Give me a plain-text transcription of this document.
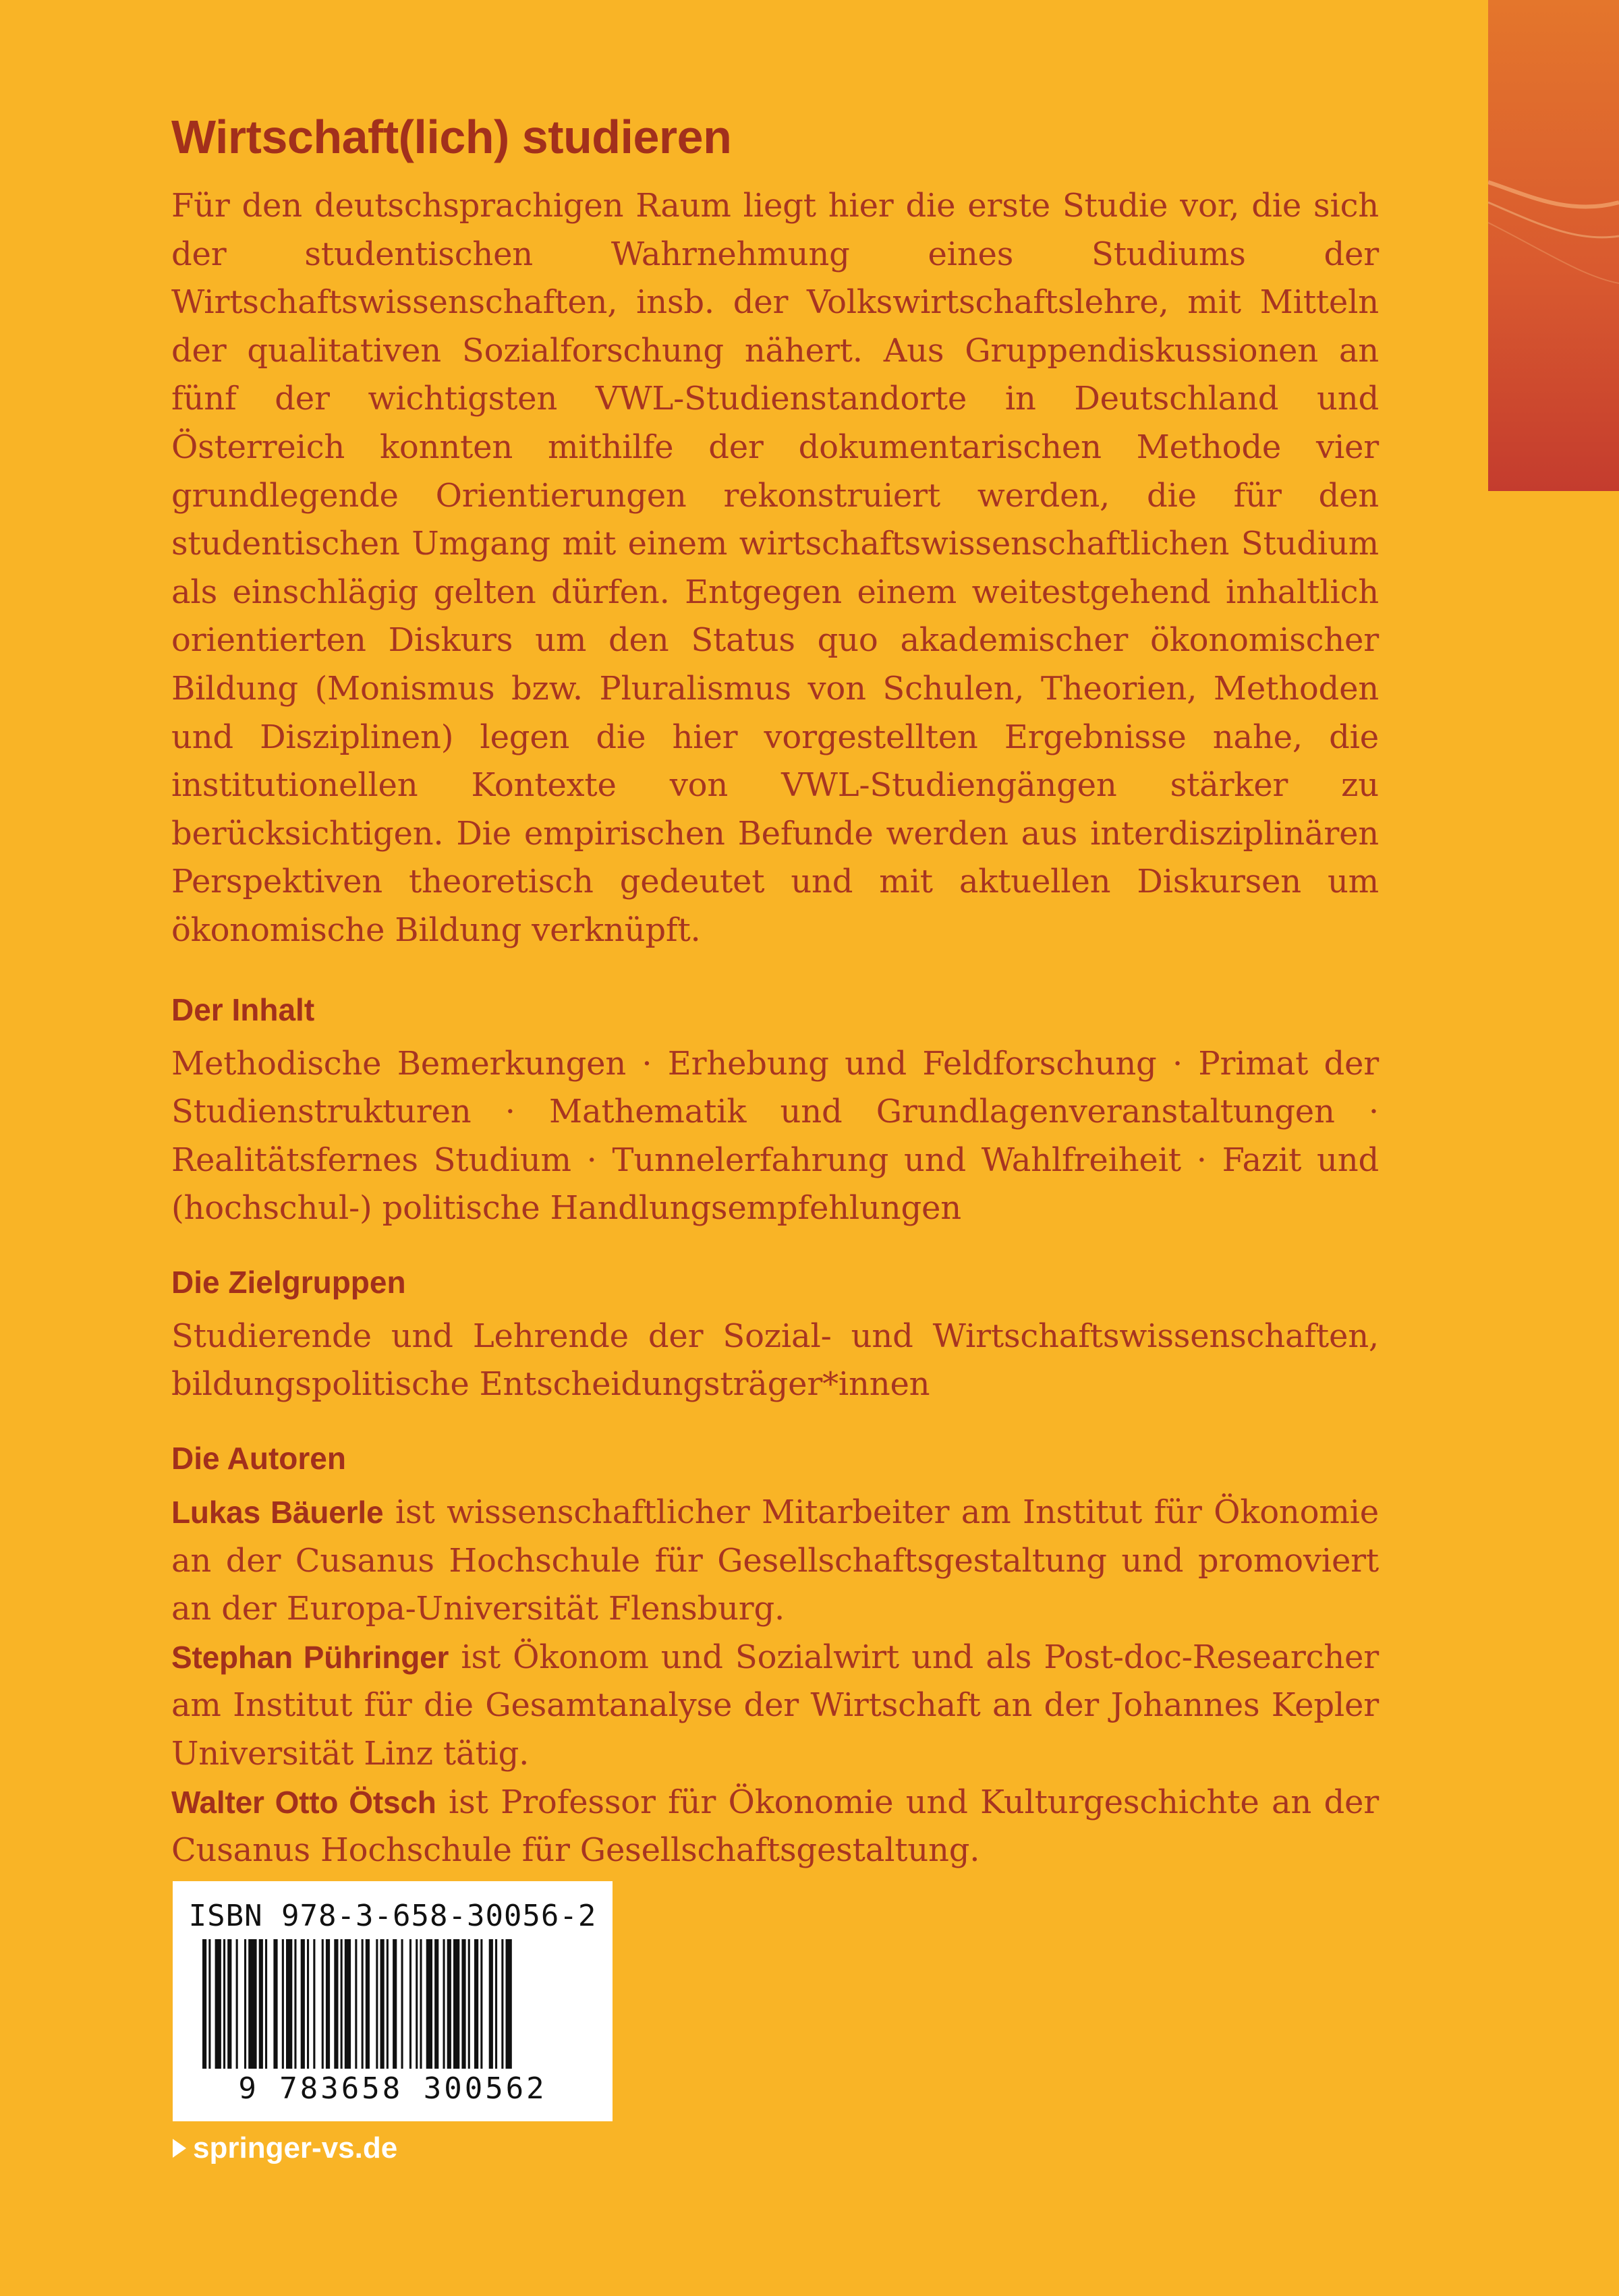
Wirtschaft(lich) studieren

Für den deutschsprachigen Raum liegt hier die erste Studie vor, die sich der studentischen Wahrnehmung eines Studiums der Wirtschaftswissenschaften, insb. der Volkswirtschaftslehre, mit Mitteln der qualitativen Sozialforschung nähert. Aus Gruppendiskussionen an fünf der wichtigsten VWL-Studienstandorte in Deutschland und Österreich konnten mithilfe der dokumentarischen Methode vier grundlegende Orientierungen rekonstruiert werden, die für den studentischen Umgang mit einem wirtschaftswissenschaftlichen Studium als einschlägig gelten dürfen. Entgegen einem weitestgehend inhaltlich orientierten Diskurs um den Status quo akademischer ökonomischer Bildung (Monismus bzw. Pluralismus von Schulen, Theorien, Methoden und Disziplinen) legen die hier vorgestellten Ergebnisse nahe, die institutionellen Kontexte von VWL-Studiengängen stärker zu berücksichtigen. Die empirischen Befunde werden aus interdisziplinären Perspektiven theoretisch gedeutet und mit aktuellen Diskursen um ökonomische Bildung verknüpft.

Der Inhalt

Methodische Bemerkungen · Erhebung und Feldforschung · Primat der Studienstrukturen · Mathematik und Grundlagenveranstaltungen · Realitätsfernes Studium · Tunnelerfahrung und Wahlfreiheit · Fazit und (hochschul-) politische Handlungsempfehlungen

Die Zielgruppen

Studierende und Lehrende der Sozial- und Wirtschaftswissenschaften, bildungspolitische Entscheidungsträger*innen

Die Autoren

Lukas Bäuerle ist wissenschaftlicher Mitarbeiter am Institut für Ökonomie an der Cusanus Hochschule für Gesellschaftsgestaltung und promoviert an der Europa-Universität Flensburg.

Stephan Pühringer ist Ökonom und Sozialwirt und als Post-doc-Researcher am Institut für die Gesamtanalyse der Wirtschaft an der Johannes Kepler Universität Linz tätig.

Walter Otto Ötsch ist Professor für Ökonomie und Kulturgeschichte an der Cusanus Hochschule für Gesellschaftsgestaltung.

ISBN 978-3-658-30056-2
9 783658 300562
springer-vs.de
